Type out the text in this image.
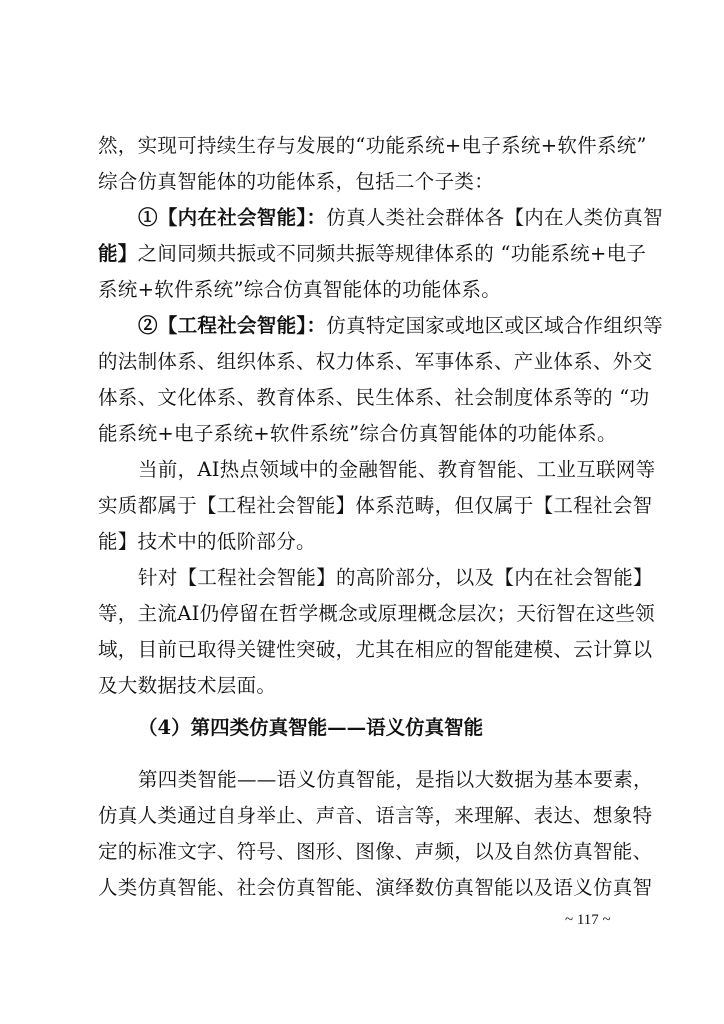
然，实现可持续生存与发展的“功能系统+电子系统+软件系统”
综合仿真智能体的功能体系，包括二个子类：
①【内在社会智能】：仿真人类社会群体各【内在人类仿真智
能】之间同频共振或不同频共振等规律体系的 “功能系统+电子
系统+软件系统”综合仿真智能体的功能体系。
②【工程社会智能】：仿真特定国家或地区或区域合作组织等
的法制体系、组织体系、权力体系、军事体系、产业体系、外交
体系、文化体系、教育体系、民生体系、社会制度体系等的 “功
能系统+电子系统+软件系统”综合仿真智能体的功能体系。
当前，AI热点领域中的金融智能、教育智能、工业互联网等
实质都属于【工程社会智能】体系范畴，但仅属于【工程社会智
能】技术中的低阶部分。
针对【工程社会智能】的高阶部分，以及【内在社会智能】
等，主流AI仍停留在哲学概念或原理概念层次；天衍智在这些领
域，目前已取得关键性突破，尤其在相应的智能建模、云计算以
及大数据技术层面。
（4）第四类仿真智能——语义仿真智能
第四类智能——语义仿真智能，是指以大数据为基本要素，
仿真人类通过自身举止、声音、语言等，来理解、表达、想象特
定的标准文字、符号、图形、图像、声频，以及自然仿真智能、
人类仿真智能、社会仿真智能、演绎数仿真智能以及语义仿真智
~ 117 ~
